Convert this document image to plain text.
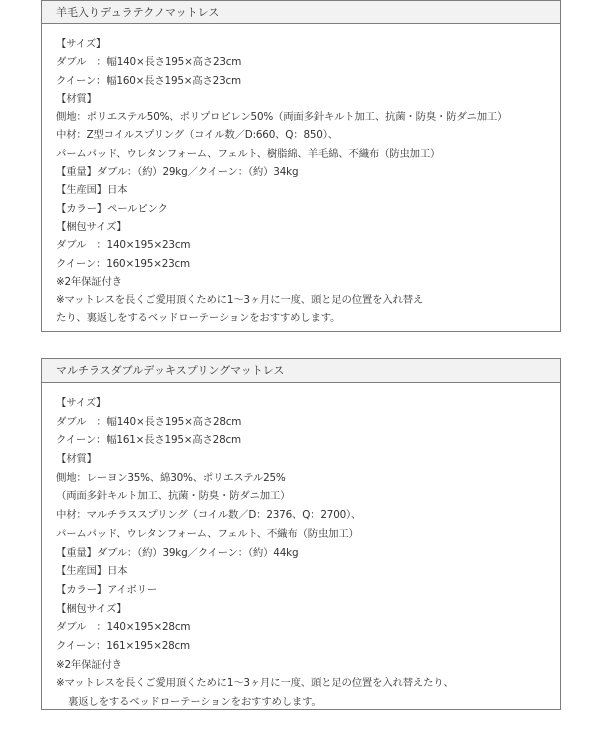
羊毛入りデュラテクノマットレス
【サイズ】
ダブル　：幅140×長さ195×高さ23cm
クイーン：幅160×長さ195×高さ23cm
【材質】
側地：ポリエステル50%、ポリプロピレン50%（両面多針キルト加工、抗菌・防臭・防ダニ加工）
中材：Z型コイルスプリング（コイル数／D:660、Q：850）、
パームパッド、ウレタンフォーム、フェルト、樹脂綿、羊毛綿、不織布（防虫加工）
【重量】ダブル：（約）29kg／クイーン：（約）34kg
【生産国】日本
【カラー】ペールピンク
【梱包サイズ】
ダブル　：140×195×23cm
クイーン：160×195×23cm
※2年保証付き
※マットレスを長くご愛用頂くために1～3ヶ月に一度、頭と足の位置を入れ替え
たり、裏返しをするベッドローテーションをおすすめします。
マルチラスダブルデッキスプリングマットレス
【サイズ】
ダブル　：幅140×長さ195×高さ28cm
クイーン：幅161×長さ195×高さ28cm
【材質】
側地：レーヨン35%、綿30%、ポリエステル25%
（両面多針キルト加工、抗菌・防臭・防ダニ加工）
中材：マルチラススプリング（コイル数／D：2376、Q：2700）、
パームパッド、ウレタンフォーム、フェルト、不織布（防虫加工）
【重量】ダブル：（約）39kg／クイーン：（約）44kg
【生産国】日本
【カラー】アイボリー
【梱包サイズ】
ダブル　：140×195×28cm
クイーン：161×195×28cm
※2年保証付き
※マットレスを長くご愛用頂くために1～3ヶ月に一度、頭と足の位置を入れ替えたり、
裏返しをするベッドローテーションをおすすめします。
